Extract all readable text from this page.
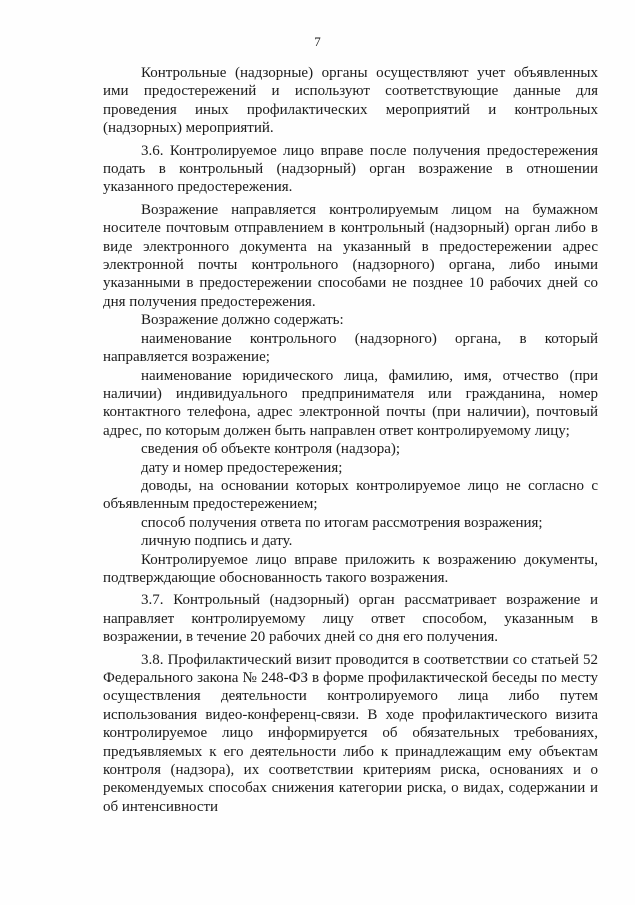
7

Контрольные (надзорные) органы осуществляют учет объявленных ими предостережений и используют соответствующие данные для проведения иных профилактических мероприятий и контрольных (надзорных) мероприятий.

3.6. Контролируемое лицо вправе после получения предостережения подать в контрольный (надзорный) орган возражение в отношении указанного предостережения.

Возражение направляется контролируемым лицом на бумажном носителе почтовым отправлением в контрольный (надзорный) орган либо в виде электронного документа на указанный в предостережении адрес электронной почты контрольного (надзорного) органа, либо иными указанными в предостережении способами не позднее 10 рабочих дней со дня получения предостережения.

Возражение должно содержать:

наименование контрольного (надзорного) органа, в который направляется возражение;

наименование юридического лица, фамилию, имя, отчество (при наличии) индивидуального предпринимателя или гражданина, номер контактного телефона, адрес электронной почты (при наличии), почтовый адрес, по которым должен быть направлен ответ контролируемому лицу;

сведения об объекте контроля (надзора);

дату и номер предостережения;

доводы, на основании которых контролируемое лицо не согласно с объявленным предостережением;

способ получения ответа по итогам рассмотрения возражения;

личную подпись и дату.

Контролируемое лицо вправе приложить к возражению документы, подтверждающие обоснованность такого возражения.

3.7. Контрольный (надзорный) орган рассматривает возражение и направляет контролируемому лицу ответ способом, указанным в возражении, в течение 20 рабочих дней со дня его получения.

3.8. Профилактический визит проводится в соответствии со статьей 52 Федерального закона № 248-ФЗ в форме профилактической беседы по месту осуществления деятельности контролируемого лица либо путем использования видео-конференц-связи. В ходе профилактического визита контролируемое лицо информируется об обязательных требованиях, предъявляемых к его деятельности либо к принадлежащим ему объектам контроля (надзора), их соответствии критериям риска, основаниях и о рекомендуемых способах снижения категории риска, о видах, содержании и об интенсивности
